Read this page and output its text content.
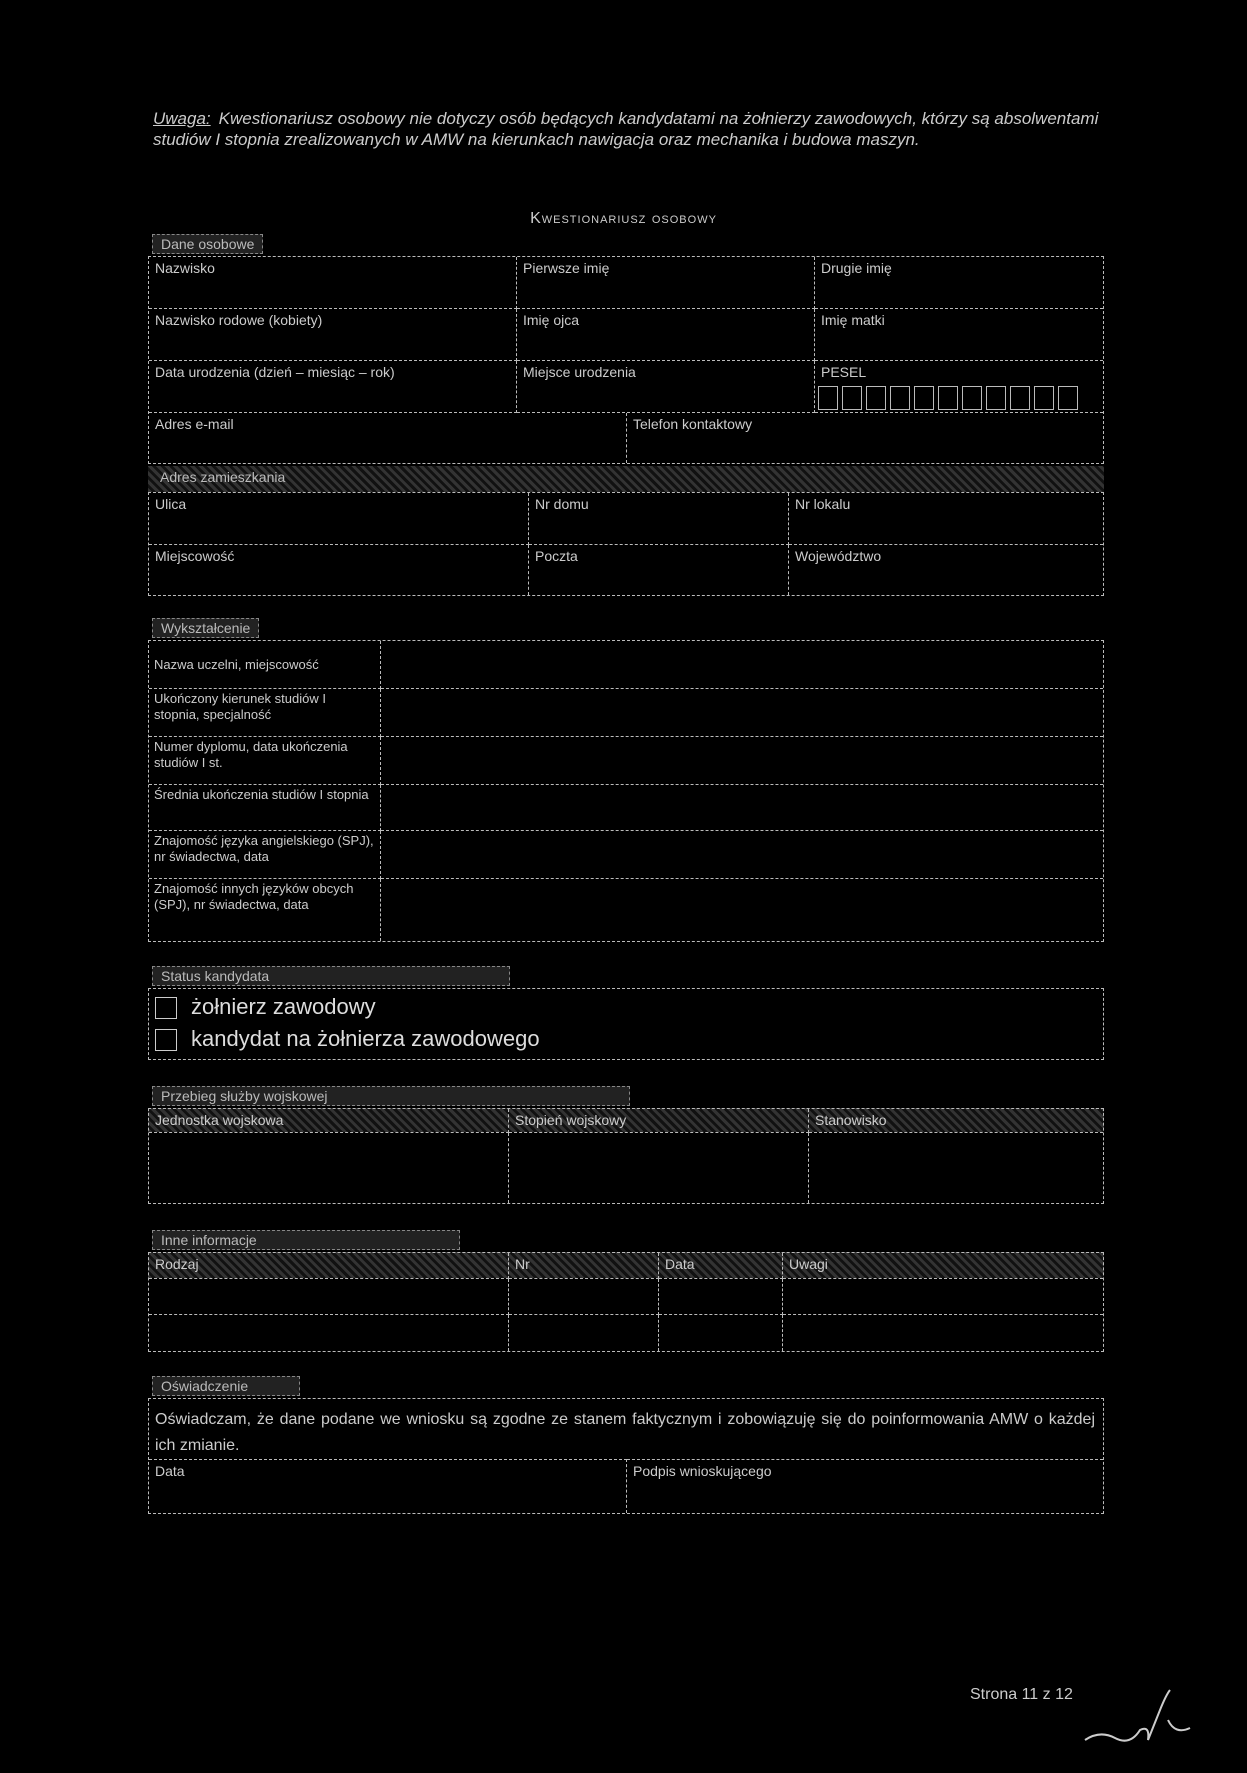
Uwaga: Kwestionariusz osobowy nie dotyczy osób będących kandydatami na żołnierzy zawodowych, którzy są absolwentami studiów I stopnia zrealizowanych w AMW na kierunkach nawigacja oraz mechanika i budowa maszyn.
Kwestionariusz osobowy
Dane osobowe
Nazwisko	Pierwsze imię	Drugie imię
Nazwisko rodowe (kobiety)	Imię ojca	Imię matki
Data urodzenia (dzień – miesiąc – rok)	Miejsce urodzenia	PESEL
Adres e-mail	Telefon kontaktowy
Adres zamieszkania
Ulica	Nr domu	Nr lokalu
Miejscowość	Poczta	Województwo
Wykształcenie
Nazwa uczelni, miejscowość
Ukończony kierunek studiów I stopnia, specjalność
Numer dyplomu, data ukończenia studiów I st.
Średnia ukończenia studiów I stopnia
Znajomość języka angielskiego (SPJ), nr świadectwa, data
Znajomość innych języków obcych (SPJ), nr świadectwa, data
Status kandydata
żołnierz zawodowy
kandydat na żołnierza zawodowego
Przebieg służby wojskowej
Jednostka wojskowa	Stopień wojskowy	Stanowisko
Inne informacje
Rodzaj	Nr	Data	Uwagi
Oświadczenie
Oświadczam, że dane podane we wniosku są zgodne ze stanem faktycznym i zobowiązuję się do poinformowania AMW o każdej ich zmianie.
Data	Podpis wnioskującego
Strona 11 z 12
